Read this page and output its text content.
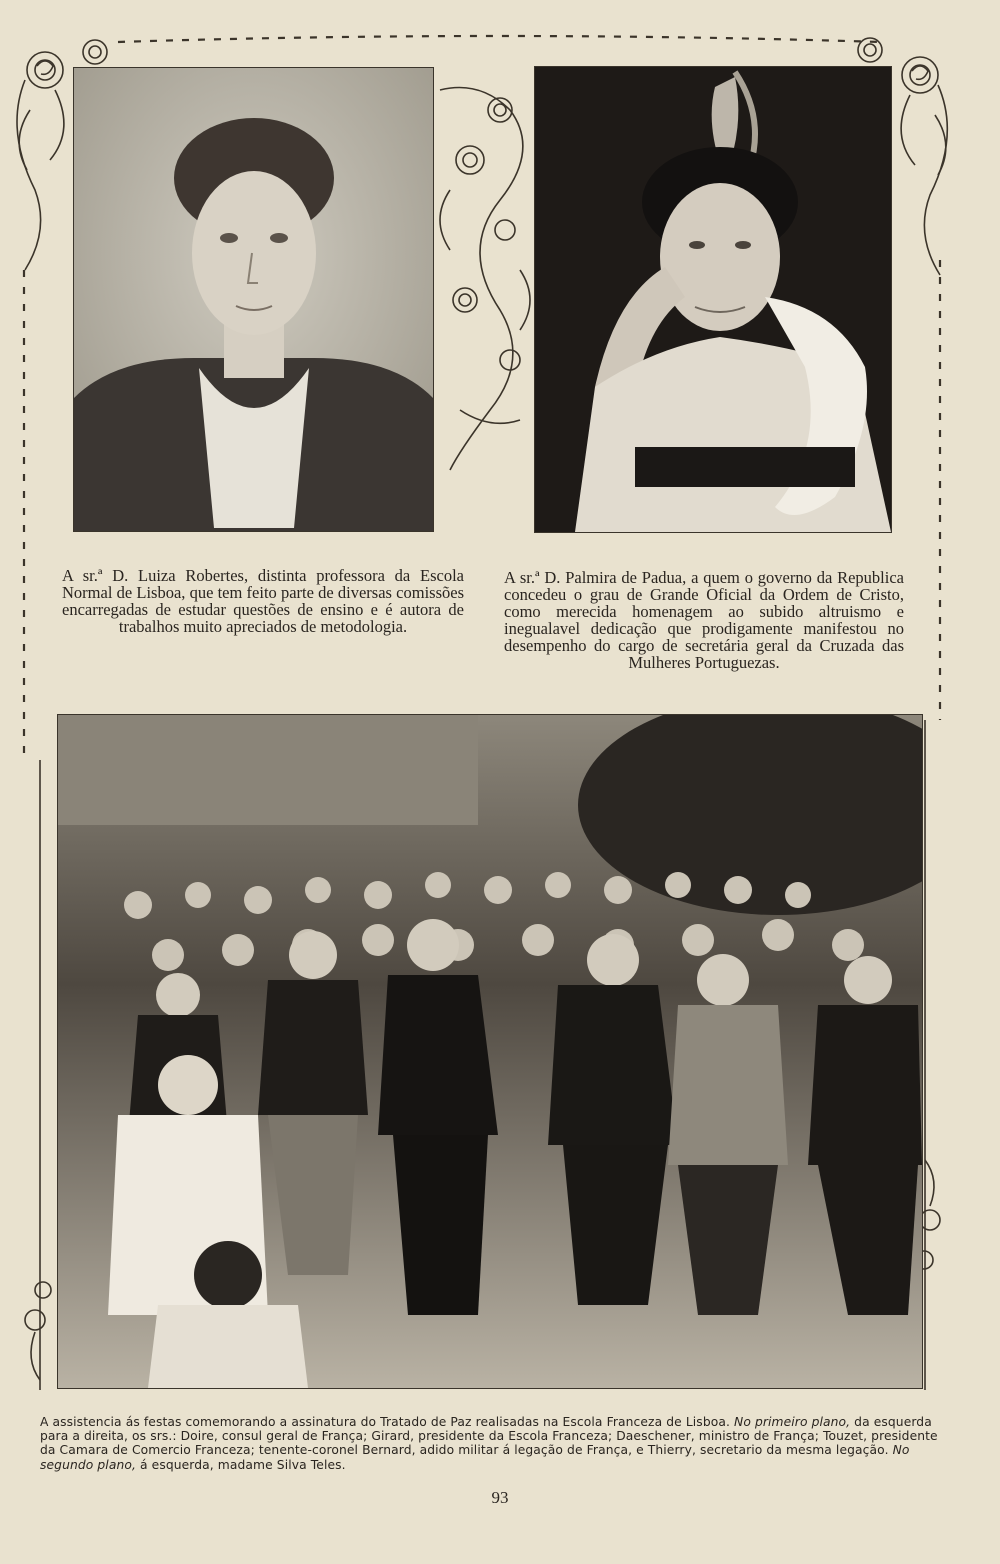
A sr.ª D. Luiza Robertes, distinta professora da Escola Normal de Lisboa, que tem feito parte de diversas comissões encarregadas de estudar questões de ensino e é autora de trabalhos muito apreciados de metodologia.

A sr.ª D. Palmira de Padua, a quem o governo da Republica concedeu o grau de Grande Oficial da Ordem de Cristo, como merecida homenagem ao subido altruismo e inegualavel dedicação que prodigamente manifestou no desempenho do cargo de secretária geral da Cruzada das Mulheres Portuguezas.

A assistencia ás festas comemorando a assinatura do Tratado de Paz realisadas na Escola Franceza de Lisboa. No primeiro plano, da esquerda para a direita, os srs.: Doire, consul geral de França; Girard, presidente da Escola Franceza; Daeschener, ministro de França; Touzet, presidente da Camara de Comercio Franceza; tenente-coronel Bernard, adido militar á legação de França, e Thierry, secretario da mesma legação. No segundo plano, á esquerda, madame Silva Teles.

93
